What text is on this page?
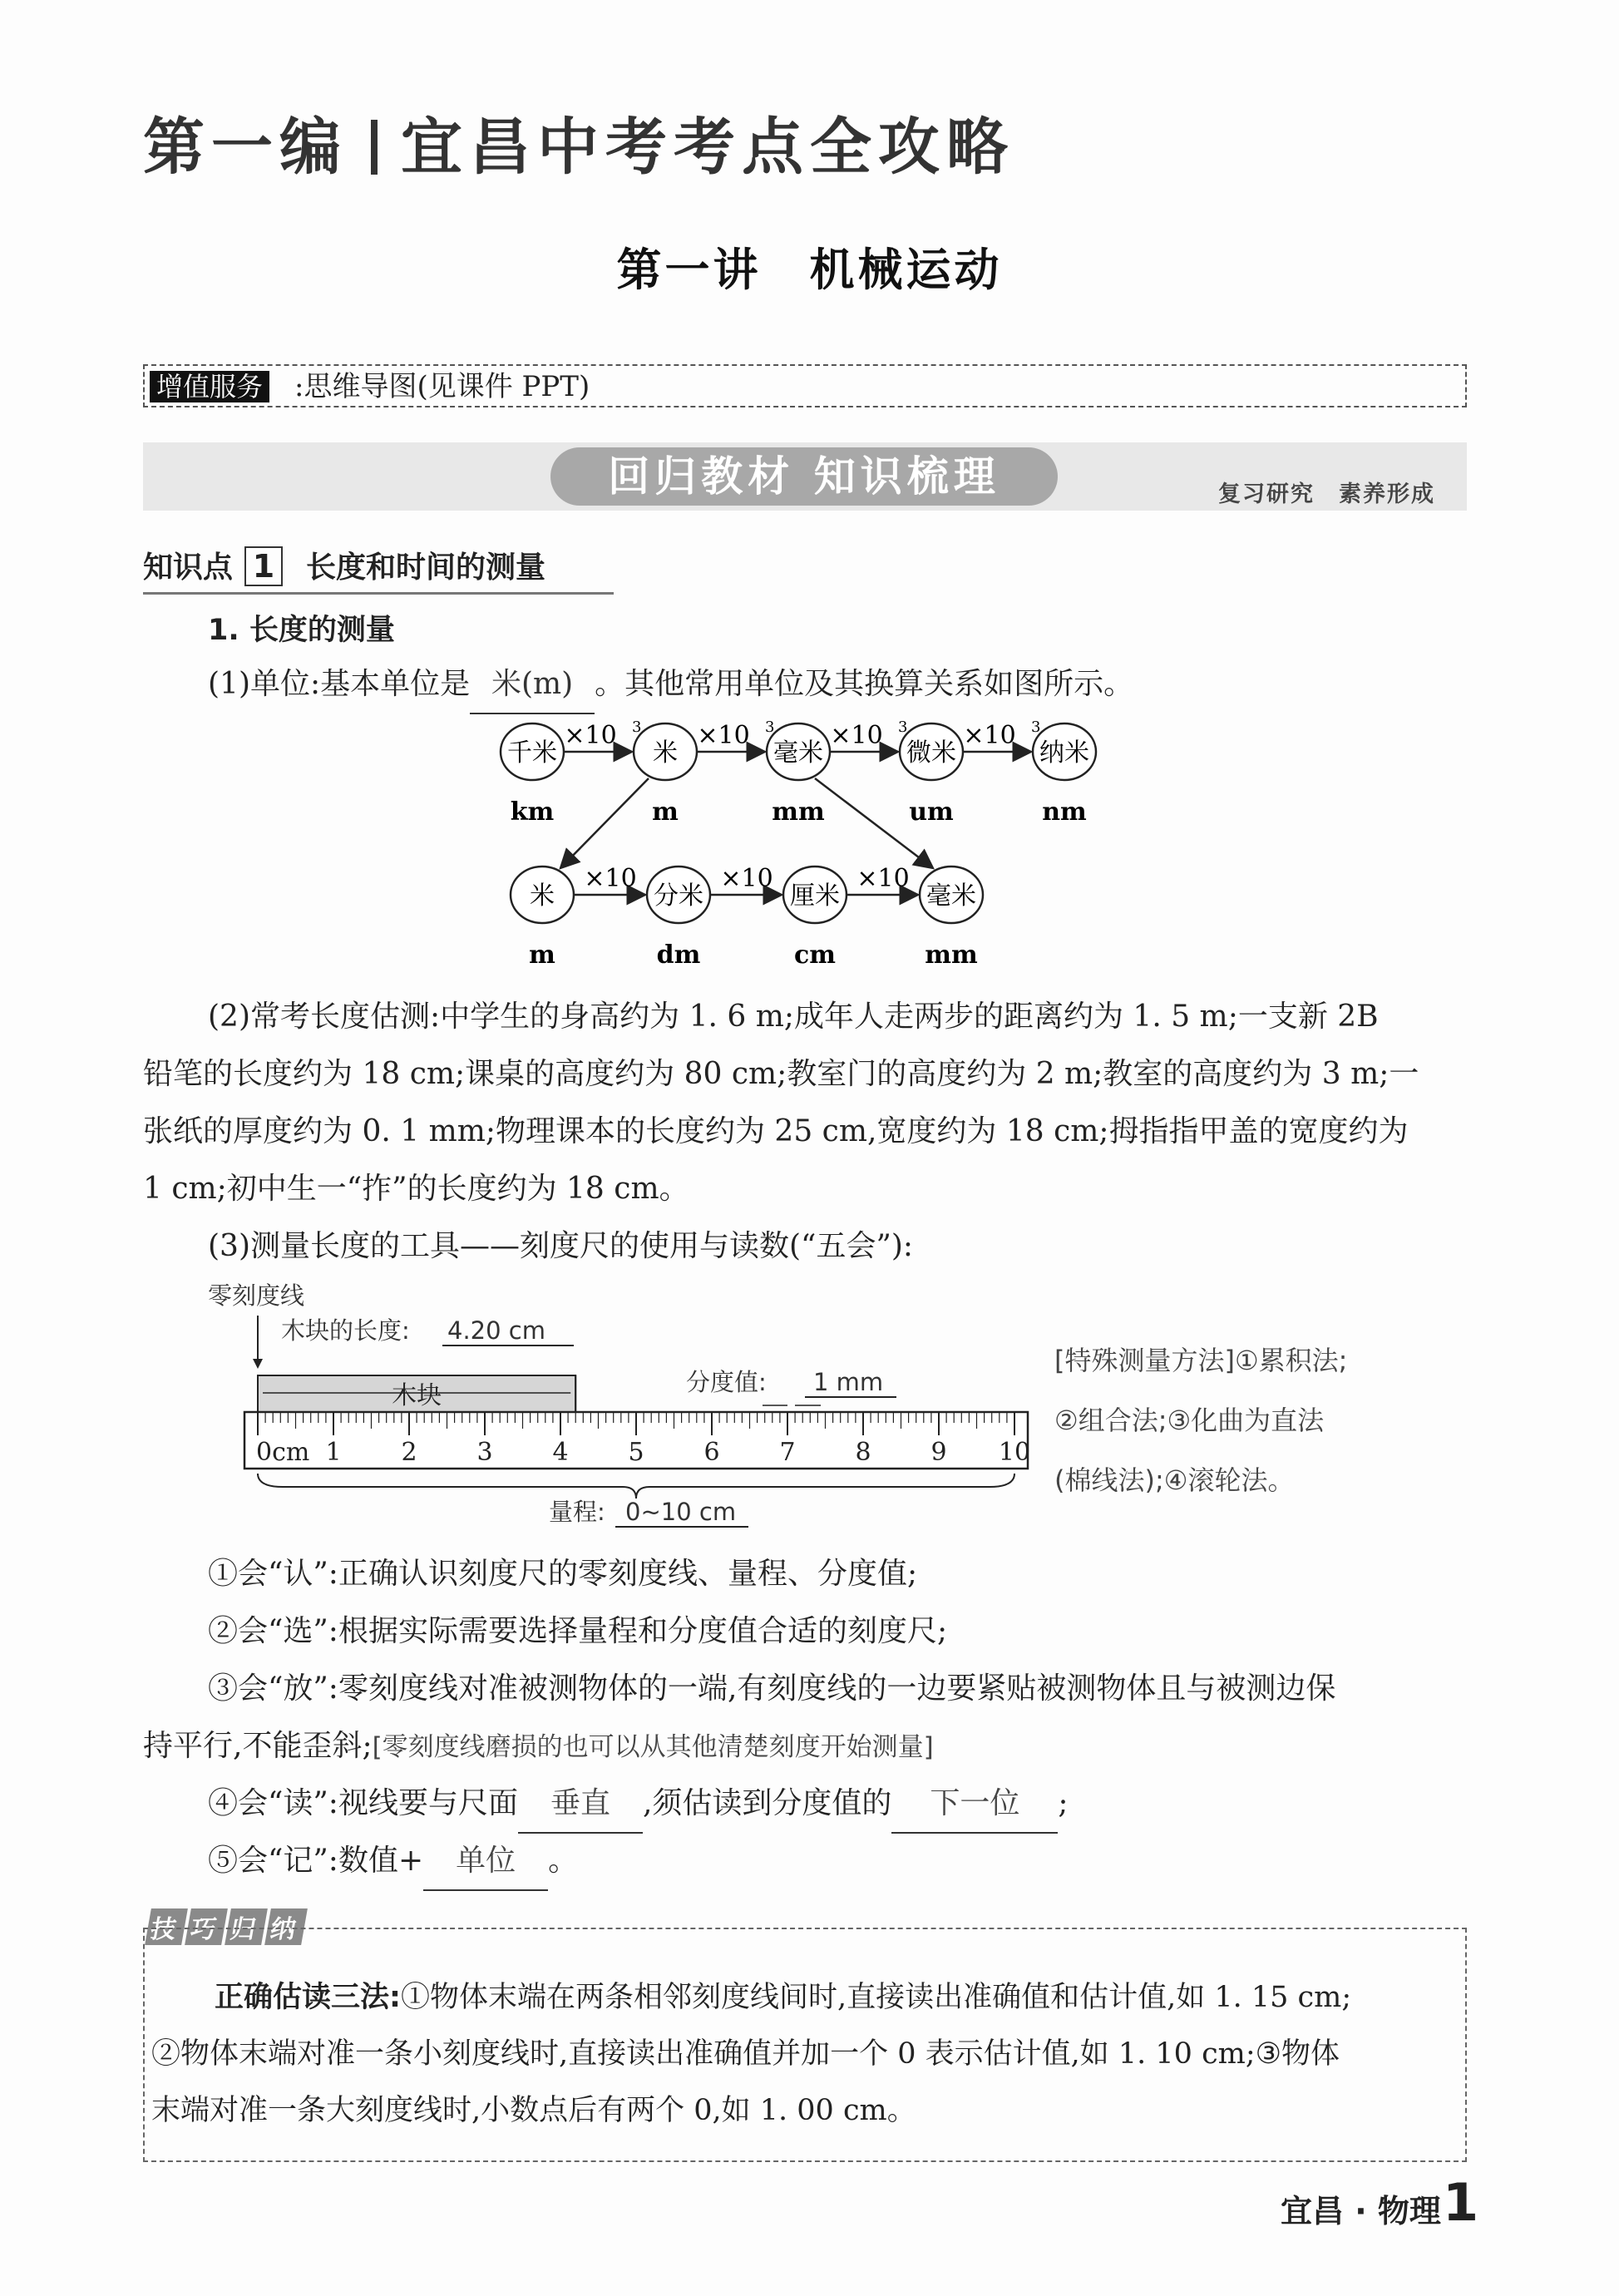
第一编 宜昌中考考点全攻略
第一讲　机械运动
增值服务 :思维导图(见课件 PPT)
回归教材 知识梳理	复习研究　素养形成
知识点 1 长度和时间的测量
1. 长度的测量
(1)单位:基本单位是 米(m) 。其他常用单位及其换算关系如图所示。
千米
km
米
m
毫米
mm
微米
um
纳米
nm
米
m
分米
dm
厘米
cm
毫米
mm
×10 3 ×10 3 ×10 3 ×10 3
×10	×10	×10
(2)常考长度估测:中学生的身高约为 1. 6 m;成年人走两步的距离约为 1. 5 m;一支新 2B
铅笔的长度约为 18 cm;课桌的高度约为 80 cm;教室门的高度约为 2 m;教室的高度约为 3 m;一
张纸的厚度约为 0. 1 mm;物理课本的长度约为 25 cm,宽度约为 18 cm;拇指指甲盖的宽度约为
1 cm;初中生一“拃”的长度约为 18 cm。
(3)测量长度的工具——刻度尺的使用与读数(“五会”):
零刻度线
木块的长度: 4.20 cm
木块	分度值: 1 mm
0cm 1 2 3 4 5 6 7 8 9 10
量程: 0~10 cm
[特殊测量方法]①累积法;
②组合法;③化曲为直法
(棉线法);④滚轮法。
①会“认”:正确认识刻度尺的零刻度线、量程、分度值;
②会“选”:根据实际需要选择量程和分度值合适的刻度尺;
③会“放”:零刻度线对准被测物体的一端,有刻度线的一边要紧贴被测物体且与被测边保
持平行,不能歪斜;[零刻度线磨损的也可以从其他清楚刻度开始测量]
④会“读”:视线要与尺面 垂直 ,须估读到分度值的 下一位 ;
⑤会“记”:数值+ 单位 。
技 巧 归 纳
正确估读三法:①物体末端在两条相邻刻度线间时,直接读出准确值和估计值,如 1. 15 cm;
②物体末端对准一条小刻度线时,直接读出准确值并加一个 0 表示估计值,如 1. 10 cm;③物体
末端对准一条大刻度线时,小数点后有两个 0,如 1. 00 cm。
宜昌 · 物理 1
